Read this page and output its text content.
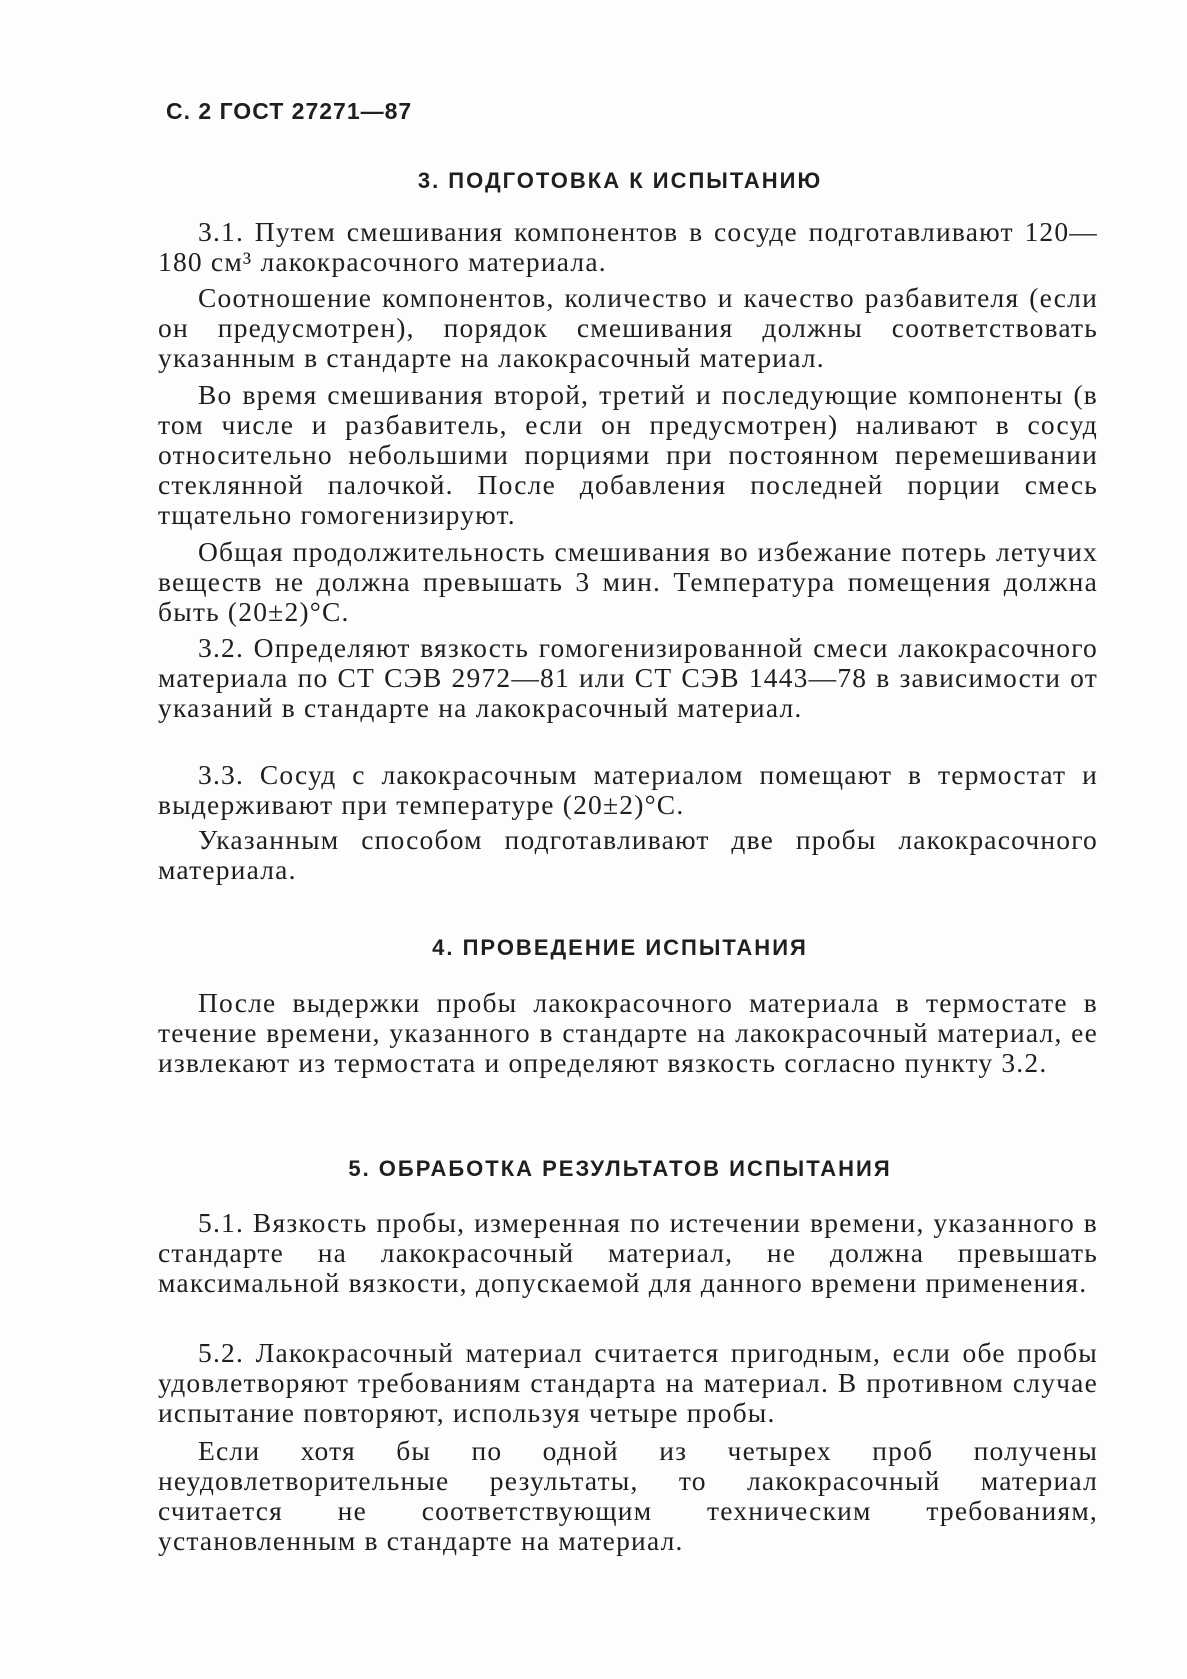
С. 2 ГОСТ 27271—87
3. ПОДГОТОВКА К ИСПЫТАНИЮ

3.1. Путем смешивания компонентов в сосуде подготавливают 120—180 см³ лакокрасочного материала.

Соотношение компонентов, количество и качество разбавителя (если он предусмотрен), порядок смешивания должны соответствовать указанным в стандарте на лакокрасочный материал.

Во время смешивания второй, третий и последующие компоненты (в том числе и разбавитель, если он предусмотрен) наливают в сосуд относительно небольшими порциями при постоянном перемешивании стеклянной палочкой. После добавления последней порции смесь тщательно гомогенизируют.

Общая продолжительность смешивания во избежание потерь летучих веществ не должна превышать 3 мин. Температура помещения должна быть (20±2)°С.

3.2. Определяют вязкость гомогенизированной смеси лакокрасочного материала по СТ СЭВ 2972—81 или СТ СЭВ 1443—78 в зависимости от указаний в стандарте на лакокрасочный материал.

3.3. Сосуд с лакокрасочным материалом помещают в термостат и выдерживают при температуре (20±2)°С.

Указанным способом подготавливают две пробы лакокрасочного материала.

4. ПРОВЕДЕНИЕ ИСПЫТАНИЯ

После выдержки пробы лакокрасочного материала в термостате в течение времени, указанного в стандарте на лакокрасочный материал, ее извлекают из термостата и определяют вязкость согласно пункту 3.2.

5. ОБРАБОТКА РЕЗУЛЬТАТОВ ИСПЫТАНИЯ

5.1. Вязкость пробы, измеренная по истечении времени, указанного в стандарте на лакокрасочный материал, не должна превышать максимальной вязкости, допускаемой для данного времени применения.

5.2. Лакокрасочный материал считается пригодным, если обе пробы удовлетворяют требованиям стандарта на материал. В противном случае испытание повторяют, используя четыре пробы.

Если хотя бы по одной из четырех проб получены неудовлетворительные результаты, то лакокрасочный материал считается не соответствующим техническим требованиям, установленным в стандарте на материал.
